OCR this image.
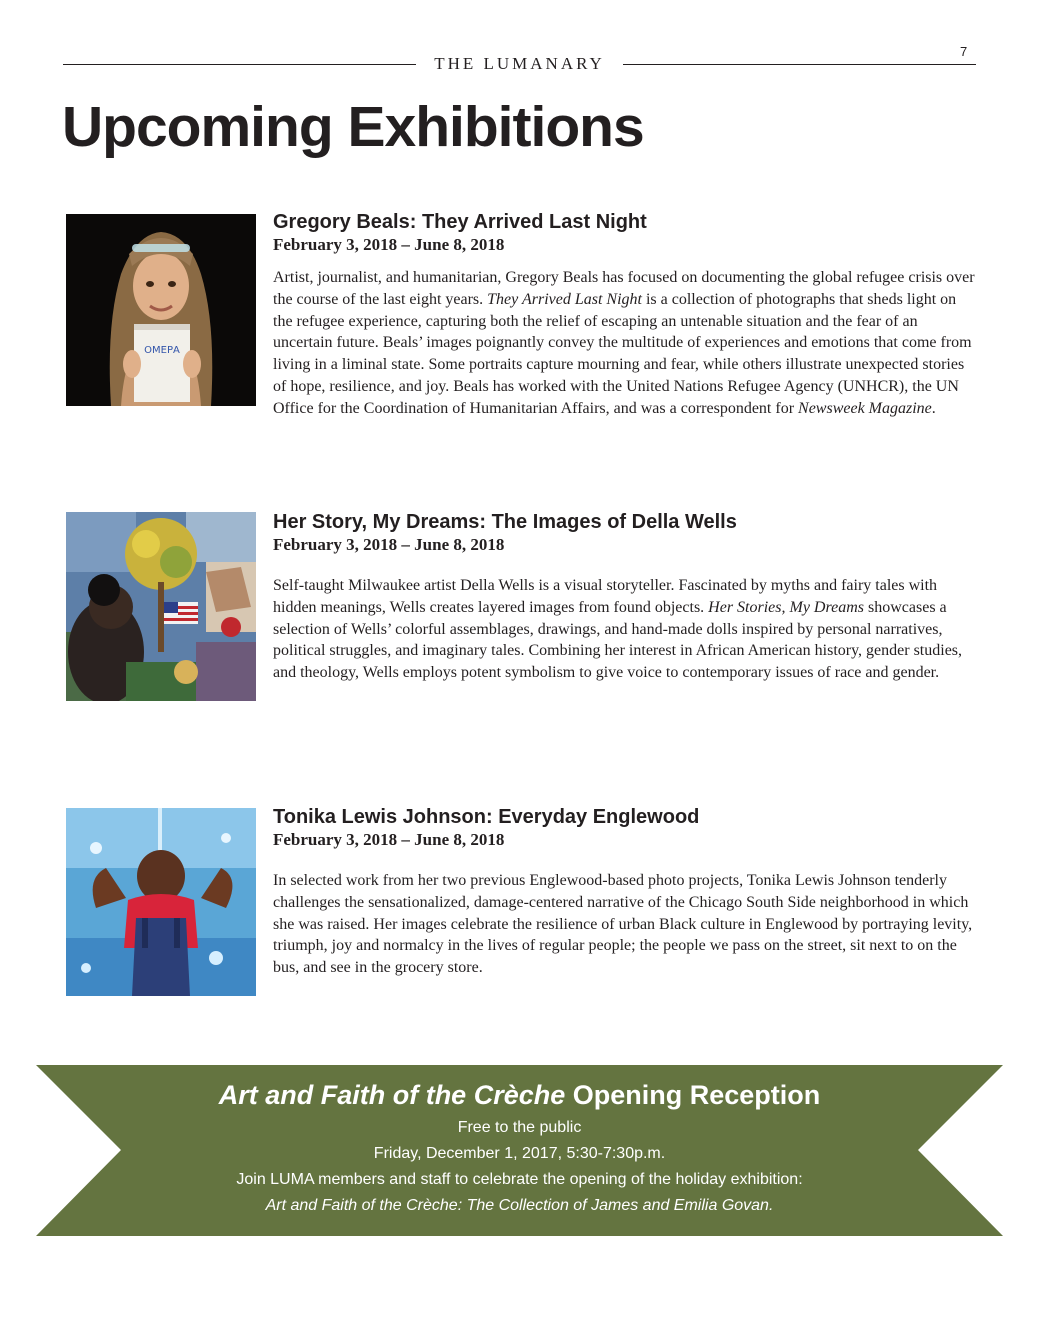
7
THE LUMANARY
Upcoming Exhibitions
ΟΜΕΡΑ
Gregory Beals: They Arrived Last Night

February 3, 2018 – June 8, 2018

Artist, journalist, and humanitarian, Gregory Beals has focused on documenting the global refugee crisis over the course of the last eight years. They Arrived Last Night is a collection of photographs that sheds light on the refugee experience, capturing both the relief of escaping an untenable situation and the fear of an uncertain future. Beals’ images poignantly convey the multitude of experiences and emotions that come from living in a liminal state. Some portraits capture mourning and fear, while others illustrate unexpected stories of hope, resilience, and joy. Beals has worked with the United Nations Refugee Agency (UNHCR), the UN Office for the Coordination of Humanitarian Affairs, and was a correspondent for Newsweek Magazine.

Her Story, My Dreams: The Images of Della Wells

February 3, 2018 – June 8, 2018

Self-taught Milwaukee artist Della Wells is a visual storyteller. Fascinated by myths and fairy tales with hidden meanings, Wells creates layered images from found objects. Her Stories, My Dreams showcases a selection of Wells’ colorful assemblages, drawings, and hand-made dolls inspired by personal narratives, political struggles, and imaginary tales. Combining her interest in African American history, gender studies, and theology, Wells employs potent symbolism to give voice to contemporary issues of race and gender.

Tonika Lewis Johnson: Everyday Englewood

February 3, 2018 – June 8, 2018

In selected work from her two previous Englewood-based photo projects, Tonika Lewis Johnson tenderly challenges the sensationalized, damage-centered narrative of the Chicago South Side neighborhood in which she was raised. Her images celebrate the resilience of urban Black culture in Englewood by portraying levity, triumph, joy and normalcy in the lives of regular people; the people we pass on the street, sit next to on the bus, and see in the grocery store.

Art and Faith of the Crèche Opening Reception

Free to the public

Friday, December 1, 2017, 5:30-7:30p.m.

Join LUMA members and staff to celebrate the opening of the holiday exhibition:

Art and Faith of the Crèche: The Collection of James and Emilia Govan.
